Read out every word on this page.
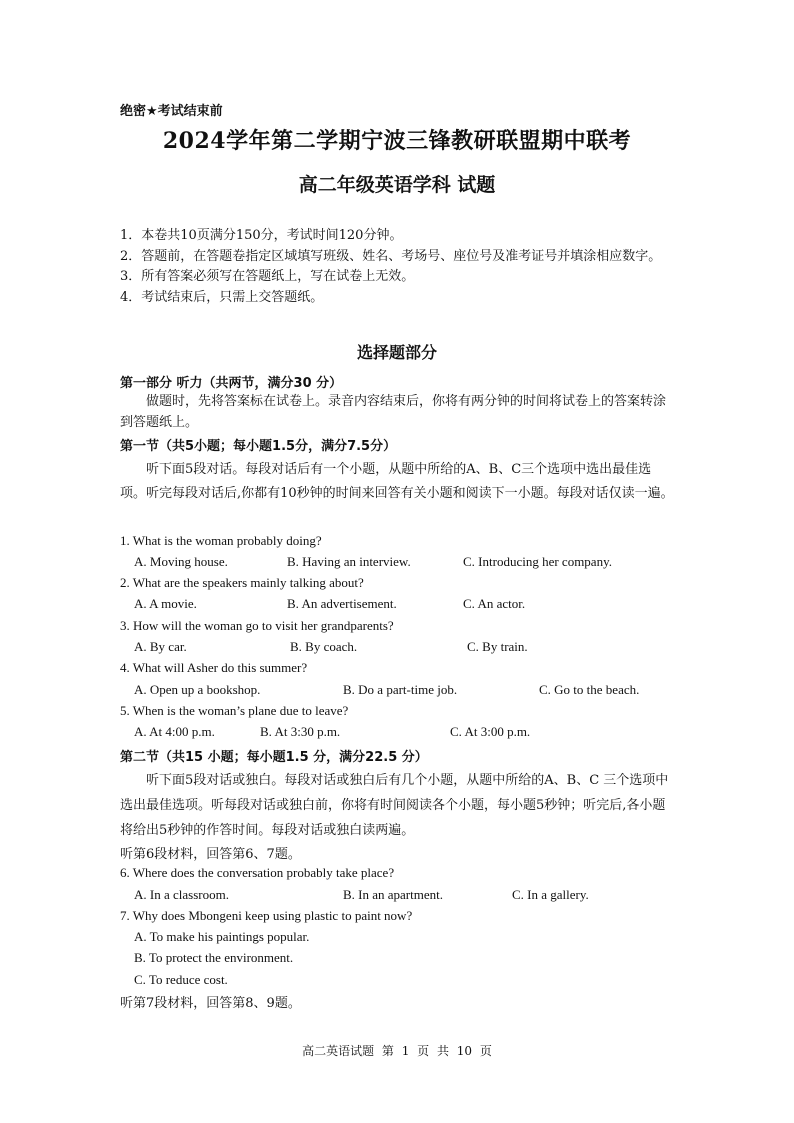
绝密★考试结束前
2024学年第二学期宁波三锋教研联盟期中联考
高二年级英语学科 试题

1．本卷共10页满分150分，考试时间120分钟。

2．答题前，在答题卷指定区域填写班级、姓名、考场号、座位号及准考证号并填涂相应数字。

3．所有答案必须写在答题纸上，写在试卷上无效。

4．考试结束后，只需上交答题纸。

选择题部分
第一部分 听力（共两节，满分30 分）

做题时，先将答案标在试卷上。录音内容结束后，你将有两分钟的时间将试卷上的答案转涂到答题纸上。

第一节（共5小题；每小题1.5分，满分7.5分）

听下面5段对话。每段对话后有一个小题，从题中所给的A、B、C三个选项中选出最佳选项。听完每段对话后,你都有10秒钟的时间来回答有关小题和阅读下一小题。每段对话仅读一遍。

1. What is the woman probably doing?
A. Moving house.	B. Having an interview.	C. Introducing her company.
2. What are the speakers mainly talking about?
A. A movie.	B. An advertisement.	C. An actor.
3. How will the woman go to visit her grandparents?
A. By car.	B. By coach.	C. By train.
4. What will Asher do this summer?
A. Open up a bookshop.	B. Do a part-time job.	C. Go to the beach.
5. When is the woman’s plane due to leave?
A. At 4:00 p.m.	B. At 3:30 p.m.	C. At 3:00 p.m.
第二节（共15 小题；每小题1.5 分，满分22.5 分）

听下面5段对话或独白。每段对话或独白后有几个小题，从题中所给的A、B、C 三个选项中选出最佳选项。听每段对话或独白前，你将有时间阅读各个小题，每小题5秒钟；听完后,各小题将给出5秒钟的作答时间。每段对话或独白读两遍。

听第6段材料，回答第6、7题。
6. Where does the conversation probably take place?
A. In a classroom.	B. In an apartment.	C. In a gallery.
7. Why does Mbongeni keep using plastic to paint now?
A. To make his paintings popular.
B. To protect the environment.
C. To reduce cost.
听第7段材料，回答第8、9题。
高二英语试题 第 1 页 共 10 页
